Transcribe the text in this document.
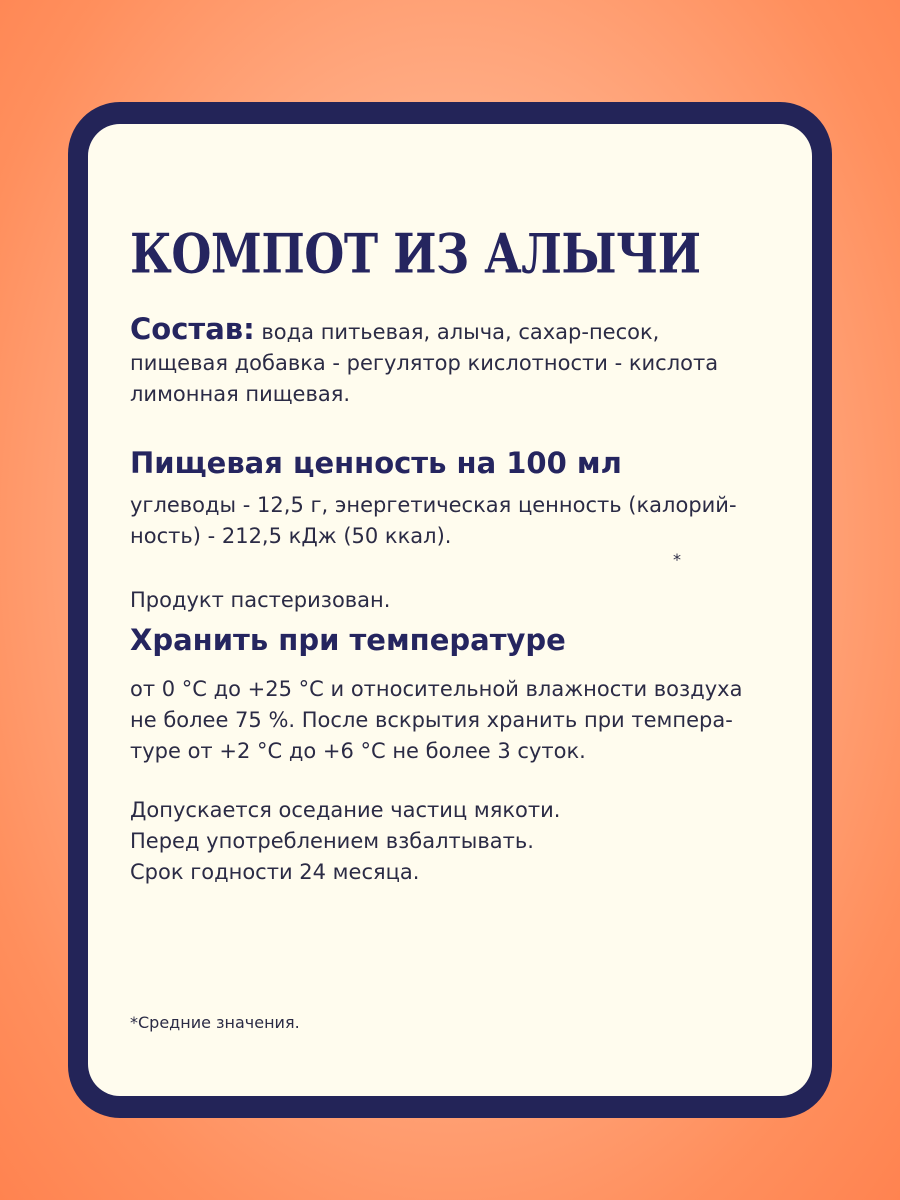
КОМПОТ ИЗ АЛЫЧИ

Состав: вода питьевая, алыча, сахар-песок,
пищевая добавка - регулятор кислотности - кислота
лимонная пищевая.

Пищевая ценность на 100 мл

углеводы - 12,5 г, энергетическая ценность (калорий-
ность) - 212,5 кДж (50 ккал).

*

Продукт пастеризован.

Хранить при температуре

от 0 °С до +25 °С и относительной влажности воздуха
не более 75 %. После вскрытия хранить при темпера-
туре от +2 °С до +6 °С не более 3 суток.

Допускается оседание частиц мякоти.
Перед употреблением взбалтывать.
Срок годности 24 месяца.

*Средние значения.
